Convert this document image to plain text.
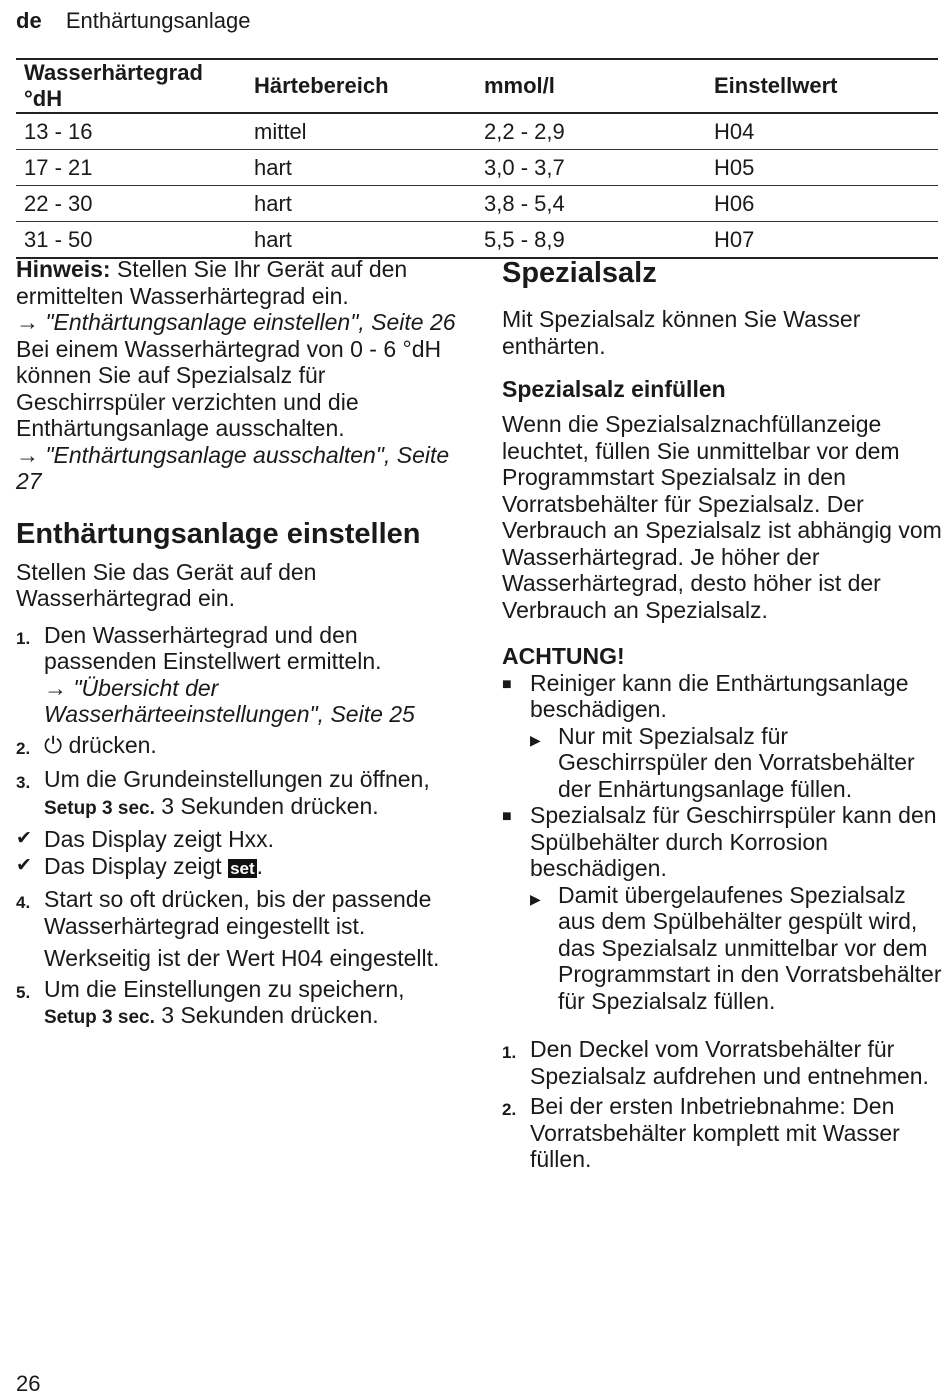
de Enthärtungsanlage
Wasserhärtegrad °dH	Härtebereich	mmol/l	Einstellwert
13 - 16	mittel	2,2 - 2,9	H04
17 - 21	hart	3,0 - 3,7	H05
22 - 30	hart	3,8 - 5,4	H06
31 - 50	hart	5,5 - 8,9	H07

Hinweis: Stellen Sie Ihr Gerät auf den ermittelten Wasserhärtegrad ein.

→ "Enthärtungsanlage einstellen", Seite 26

Bei einem Wasserhärtegrad von 0 - 6 °dH können Sie auf Spezialsalz für Geschirrspüler verzichten und die Enthärtungsanlage ausschalten.

→ "Enthärtungsanlage ausschalten", Seite 27

Enthärtungsanlage einstellen

Stellen Sie das Gerät auf den Wasserhärtegrad ein.

1. Den Wasserhärtegrad und den passenden Einstellwert ermitteln.

→ "Übersicht der Wasserhärteeinstellungen", Seite 25

2. ⏻ drücken.
3. Um die Grundeinstellungen zu öffnen, Setup 3 sec. 3 Sekunden drücken.
✔ Das Display zeigt Hxx.
✔ Das Display zeigt set.
4. Start so oft drücken, bis der passende Wasserhärtegrad eingestellt ist.

Werkseitig ist der Wert H04 eingestellt.

5. Um die Einstellungen zu speichern, Setup 3 sec. 3 Sekunden drücken.
Spezialsalz

Mit Spezialsalz können Sie Wasser enthärten.

Spezialsalz einfüllen

Wenn die Spezialsalznachfüllanzeige leuchtet, füllen Sie unmittelbar vor dem Programmstart Spezialsalz in den Vorratsbehälter für Spezialsalz. Der Verbrauch an Spezialsalz ist abhängig vom Wasserhärtegrad. Je höher der Wasserhärtegrad, desto höher ist der Verbrauch an Spezialsalz.

ACHTUNG!

■ Reiniger kann die Enthärtungsanlage beschädigen.
▶ Nur mit Spezialsalz für Geschirrspüler den Vorratsbehälter der Enhärtungsanlage füllen.
■ Spezialsalz für Geschirrspüler kann den Spülbehälter durch Korrosion beschädigen.
▶ Damit übergelaufenes Spezialsalz aus dem Spülbehälter gespült wird, das Spezialsalz unmittelbar vor dem Programmstart in den Vorratsbehälter für Spezialsalz füllen.
1. Den Deckel vom Vorratsbehälter für Spezialsalz aufdrehen und entnehmen.
2. Bei der ersten Inbetriebnahme: Den Vorratsbehälter komplett mit Wasser füllen.
26
